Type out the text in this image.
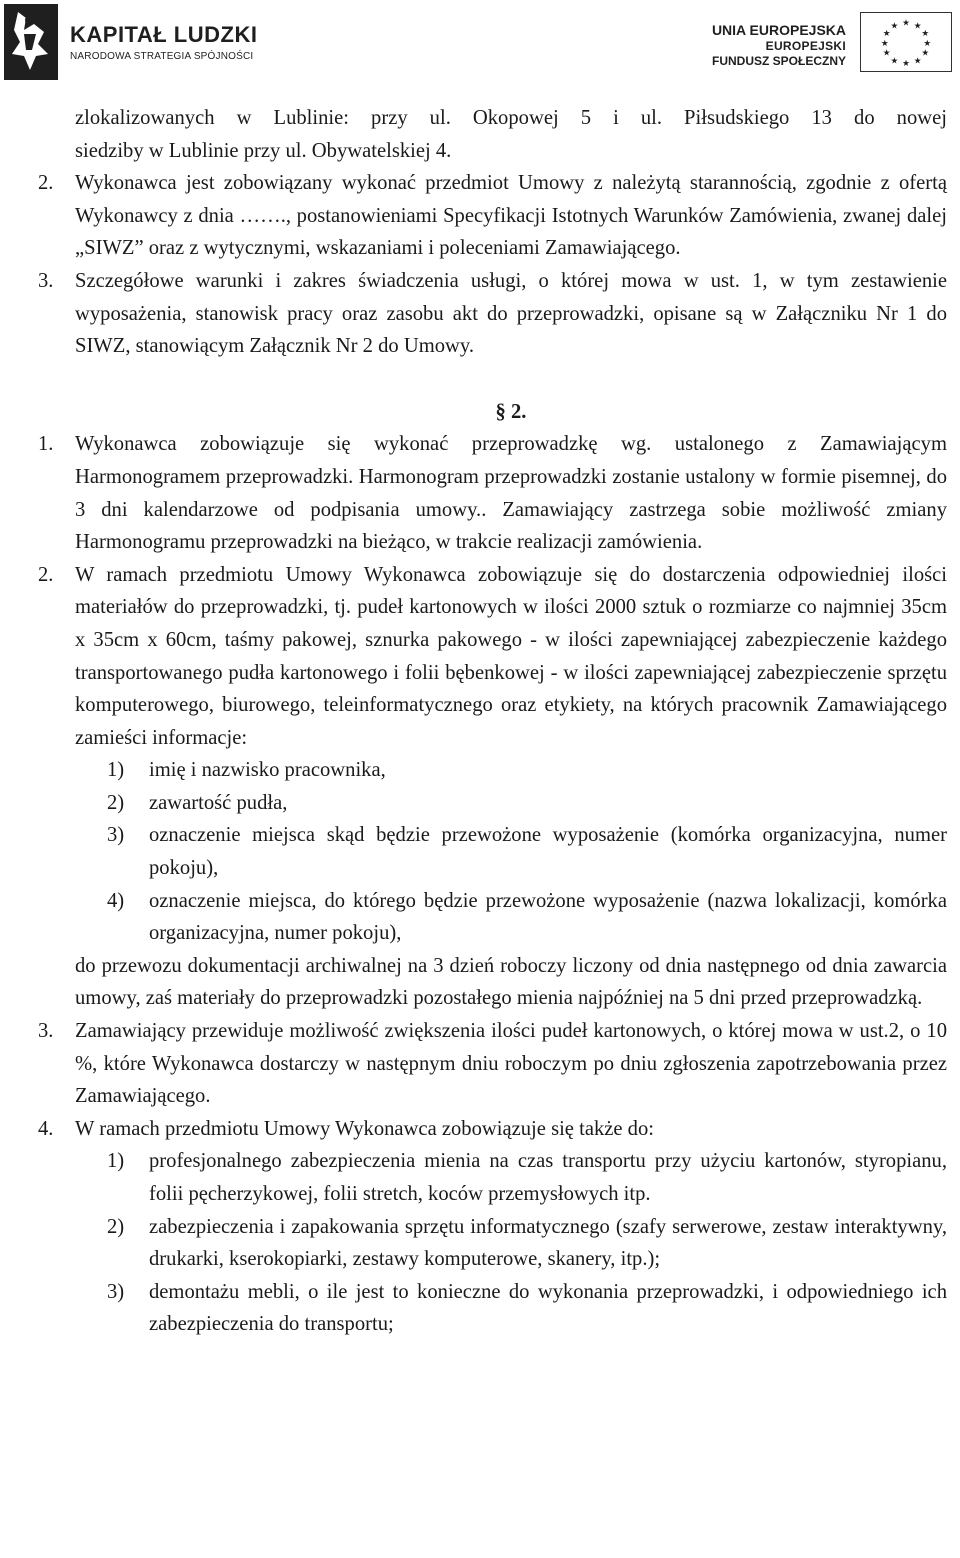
KAPITAŁ LUDZKI
NARODOWA STRATEGIA SPÓJNOŚCI
UNIA EUROPEJSKA
EUROPEJSKI
FUNDUSZ SPOŁECZNY
★ ★
★
★
★
★
★
★
★
★
★
★
zlokalizowanych w Lublinie: przy ul. Okopowej 5 i ul. Piłsudskiego 13 do nowej
siedziby w Lublinie przy ul. Obywatelskiej 4.
2. Wykonawca jest zobowiązany wykonać przedmiot Umowy z należytą starannością, zgodnie z ofertą Wykonawcy z dnia ……., postanowieniami Specyfikacji Istotnych Warunków Zamówienia, zwanej dalej „SIWZ” oraz z wytycznymi, wskazaniami i poleceniami Zamawiającego.
3. Szczegółowe warunki i zakres świadczenia usługi, o której mowa w ust. 1, w tym zestawienie wyposażenia, stanowisk pracy oraz zasobu akt do przeprowadzki, opisane są w Załączniku Nr 1 do SIWZ, stanowiącym Załącznik Nr 2 do Umowy.
§ 2.
1. Wykonawca zobowiązuje się wykonać przeprowadzkę wg. ustalonego z Zamawiającym Harmonogramem przeprowadzki. Harmonogram przeprowadzki zostanie ustalony w formie pisemnej, do 3 dni kalendarzowe od podpisania umowy.. Zamawiający zastrzega sobie możliwość zmiany Harmonogramu przeprowadzki na bieżąco, w trakcie realizacji zamówienia.
2. W ramach przedmiotu Umowy Wykonawca zobowiązuje się do dostarczenia odpowiedniej ilości materiałów do przeprowadzki, tj. pudeł kartonowych w ilości 2000 sztuk o rozmiarze co najmniej 35cm x 35cm x 60cm, taśmy pakowej, sznurka pakowego - w ilości zapewniającej zabezpieczenie każdego transportowanego pudła kartonowego i folii bębenkowej - w ilości zapewniającej zabezpieczenie sprzętu komputerowego, biurowego, teleinformatycznego oraz etykiety, na których pracownik Zamawiającego zamieści informacje:
1) imię i nazwisko pracownika,
2) zawartość pudła,
3) oznaczenie miejsca skąd będzie przewożone wyposażenie (komórka organizacyjna, numer pokoju),
4) oznaczenie miejsca, do którego będzie przewożone wyposażenie (nazwa lokalizacji, komórka organizacyjna, numer pokoju),
do przewozu dokumentacji archiwalnej na 3 dzień roboczy liczony od dnia następnego od dnia zawarcia umowy, zaś materiały do przeprowadzki pozostałego mienia najpóźniej na 5 dni przed przeprowadzką.
3. Zamawiający przewiduje możliwość zwiększenia ilości pudeł kartonowych, o której mowa w ust.2, o 10 %, które Wykonawca dostarczy w następnym dniu roboczym po dniu zgłoszenia zapotrzebowania przez Zamawiającego.
4. W ramach przedmiotu Umowy Wykonawca zobowiązuje się także do:
1) profesjonalnego zabezpieczenia mienia na czas transportu przy użyciu kartonów, styropianu, folii pęcherzykowej, folii stretch, koców przemysłowych itp.
2) zabezpieczenia i zapakowania sprzętu informatycznego (szafy serwerowe, zestaw interaktywny, drukarki, kserokopiarki, zestawy komputerowe, skanery, itp.);
3) demontażu mebli, o ile jest to konieczne do wykonania przeprowadzki, i odpowiedniego ich zabezpieczenia do transportu;
